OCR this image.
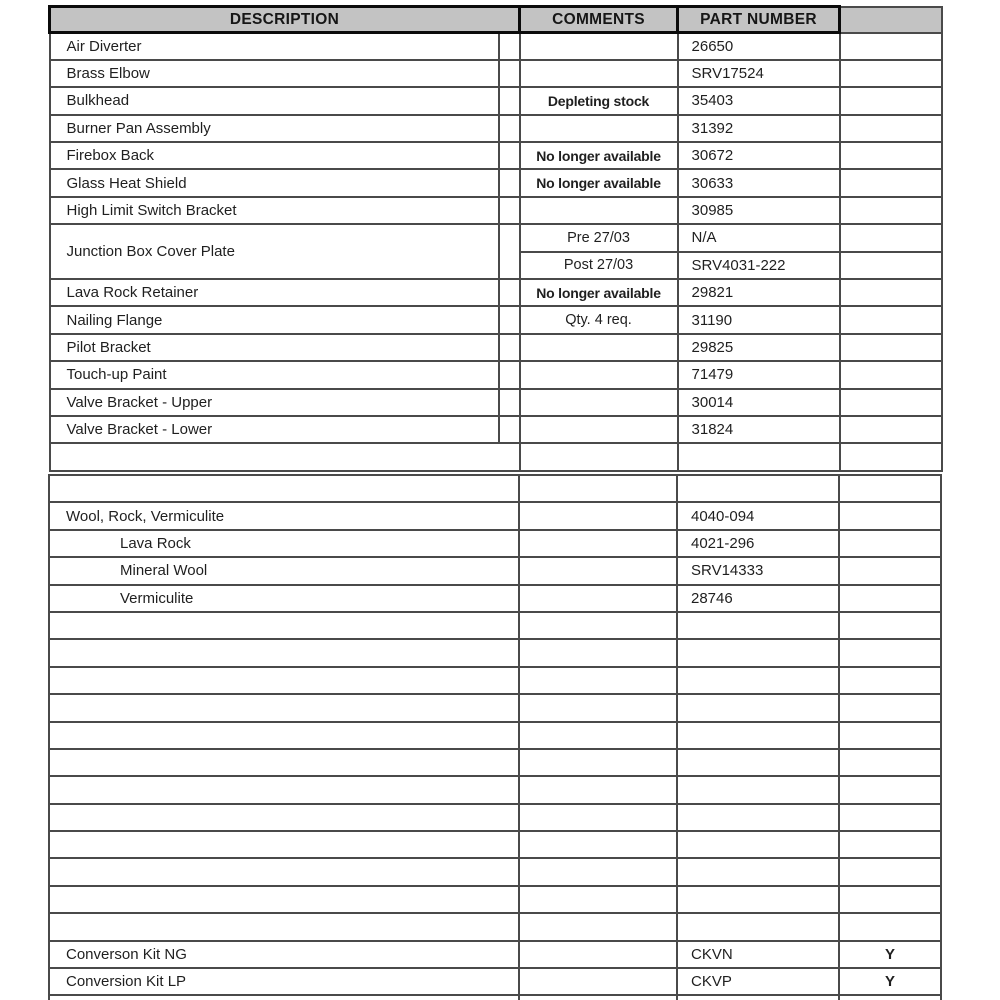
DESCRIPTION		COMMENTS	PART NUMBER	
Air Diverter			26650	
Brass Elbow			SRV17524	
Bulkhead		Depleting stock	35403	
Burner Pan Assembly			31392	
Firebox Back		No longer available	30672	
Glass Heat Shield		No longer available	30633	
High Limit Switch Bracket			30985	
Junction Box Cover Plate		Pre 27/03	N/A	
		Post 27/03	SRV4031-222	
Lava Rock Retainer		No longer available	29821	
Nailing Flange		Qty. 4 req.	31190	
Pilot Bracket			29825	
Touch-up Paint			71479	
Valve Bracket - Upper			30014	
Valve Bracket - Lower			31824	

Wool, Rock, Vermiculite		4040-094	
Lava Rock		4021-296	
Mineral Wool		SRV14333	
Vermiculite		28746	

Converson Kit NG		CKVN	Y
Conversion Kit LP		CKVP	Y
